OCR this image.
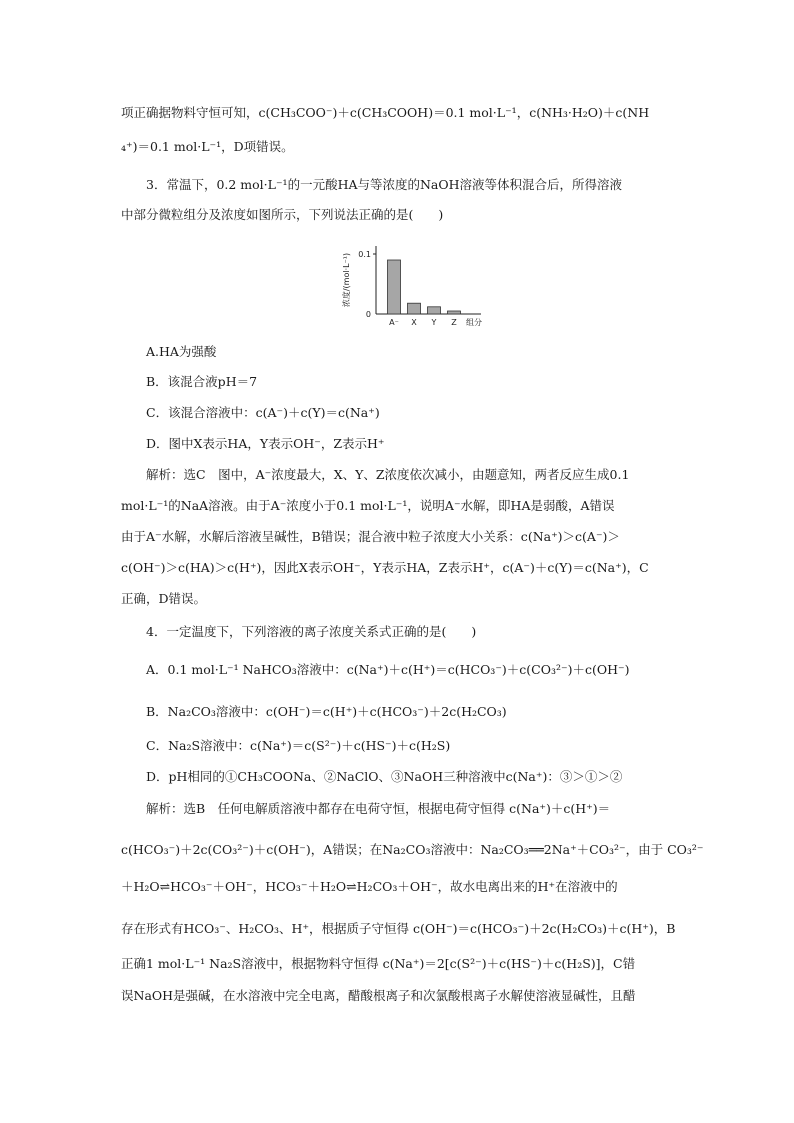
项正确据物料守恒可知，c(CH₃COO⁻)＋c(CH₃COOH)＝0.1 mol·L⁻¹，c(NH₃·H₂O)＋c(NH
₄⁺)＝0.1 mol·L⁻¹，D项错误。
3．常温下，0.2 mol·L⁻¹的一元酸HA与等浓度的NaOH溶液等体积混合后，所得溶液
中部分微粒组分及浓度如图所示，下列说法正确的是(　　)
0
0.1
浓度/(mol·L⁻¹)
A⁻ X Y Z 组分
A.HA为强酸
B．该混合液pH＝7
C．该混合溶液中：c(A⁻)＋c(Y)＝c(Na⁺)
D．图中X表示HA，Y表示OH⁻，Z表示H⁺
解析：选C　图中，A⁻浓度最大，X、Y、Z浓度依次减小，由题意知，两者反应生成0.1
mol·L⁻¹的NaA溶液。由于A⁻浓度小于0.1 mol·L⁻¹，说明A⁻水解，即HA是弱酸，A错误
由于A⁻水解，水解后溶液呈碱性，B错误；混合液中粒子浓度大小关系：c(Na⁺)＞c(A⁻)＞
c(OH⁻)＞c(HA)＞c(H⁺)，因此X表示OH⁻，Y表示HA，Z表示H⁺，c(A⁻)＋c(Y)＝c(Na⁺)，C
正确，D错误。
4．一定温度下，下列溶液的离子浓度关系式正确的是(　　)
A．0.1 mol·L⁻¹ NaHCO₃溶液中：c(Na⁺)＋c(H⁺)＝c(HCO₃⁻)＋c(CO₃²⁻)＋c(OH⁻)
B．Na₂CO₃溶液中：c(OH⁻)＝c(H⁺)＋c(HCO₃⁻)＋2c(H₂CO₃)
C．Na₂S溶液中：c(Na⁺)＝c(S²⁻)＋c(HS⁻)＋c(H₂S)
D．pH相同的①CH₃COONa、②NaClO、③NaOH三种溶液中c(Na⁺)：③＞①＞②
解析：选B　任何电解质溶液中都存在电荷守恒，根据电荷守恒得 c(Na⁺)＋c(H⁺)＝
c(HCO₃⁻)＋2c(CO₃²⁻)＋c(OH⁻)，A错误；在Na₂CO₃溶液中：Na₂CO₃══2Na⁺＋CO₃²⁻，由于 CO₃²⁻
＋H₂O⇌HCO₃⁻＋OH⁻，HCO₃⁻＋H₂O⇌H₂CO₃＋OH⁻，故水电离出来的H⁺在溶液中的
存在形式有HCO₃⁻、H₂CO₃、H⁺，根据质子守恒得 c(OH⁻)＝c(HCO₃⁻)＋2c(H₂CO₃)＋c(H⁺)，B
正确1 mol·L⁻¹ Na₂S溶液中，根据物料守恒得 c(Na⁺)＝2[c(S²⁻)＋c(HS⁻)＋c(H₂S)]，C错
误NaOH是强碱，在水溶液中完全电离，醋酸根离子和次氯酸根离子水解使溶液显碱性，且醋
